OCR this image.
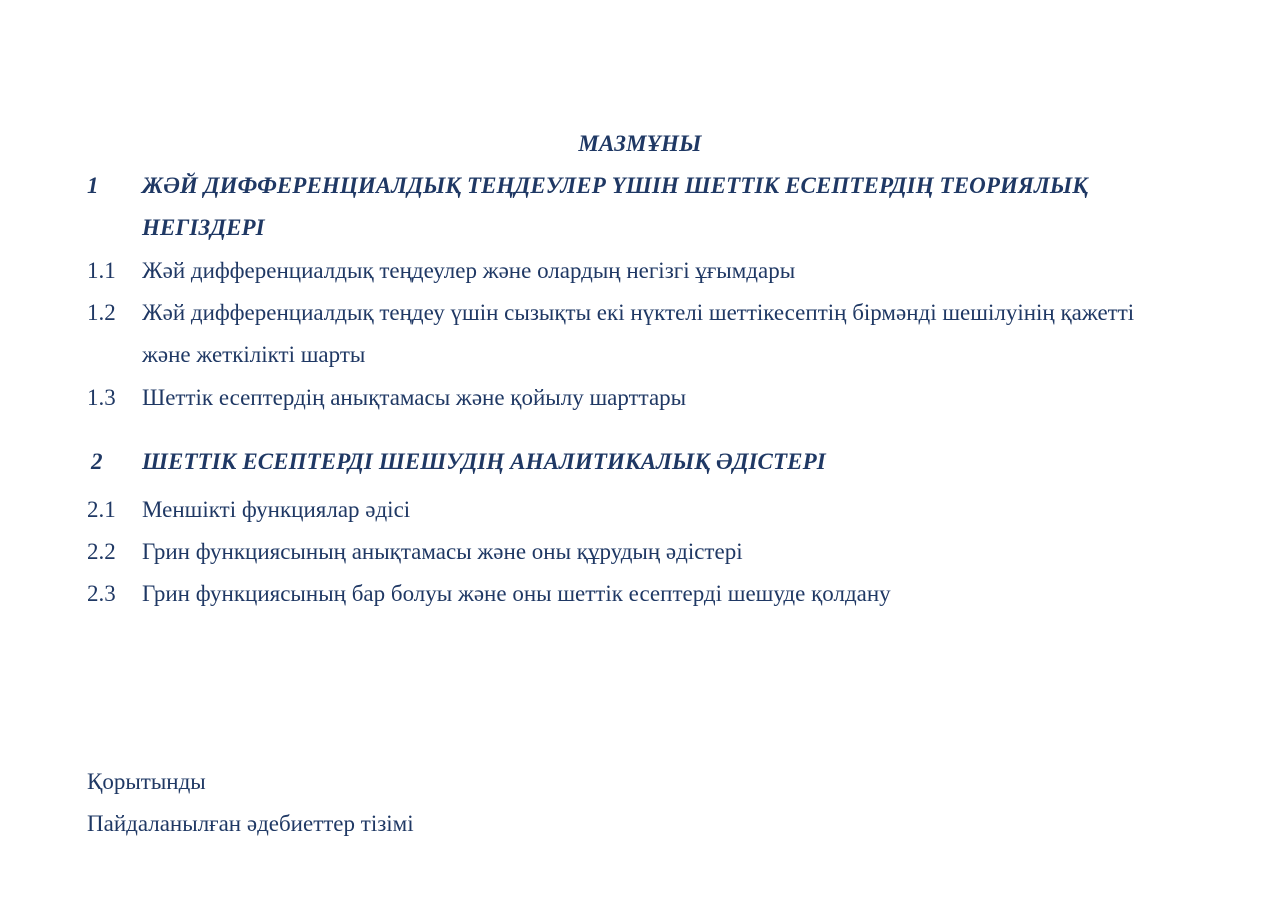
МАЗМҰНЫ
1	ЖӘЙ ДИФФЕРЕНЦИАЛДЫҚ ТЕҢДЕУЛЕР ҮШІН ШЕТТІК ЕСЕПТЕРДІҢ ТЕОРИЯЛЫҚ НЕГІЗДЕРІ
1.1	Жәй дифференциалдық теңдеулер және олардың негізгі ұғымдары
1.2	Жәй дифференциалдық теңдеу үшін сызықты екі нүктелі шеттікесептің бірмәнді шешілуінің қажетті және жеткілікті шарты
1.3	Шеттік есептердің анықтамасы және қойылу шарттары
2	ШЕТТІК ЕСЕПТЕРДІ ШЕШУДІҢ АНАЛИТИКАЛЫҚ ӘДІСТЕРІ
2.1	Меншікті функциялар әдісі
2.2	Грин функциясының анықтамасы және оны құрудың әдістері
2.3	Грин функциясының бар болуы және оны шеттік есептерді шешуде қолдану
Қорытынды
Пайдаланылған әдебиеттер тізімі
